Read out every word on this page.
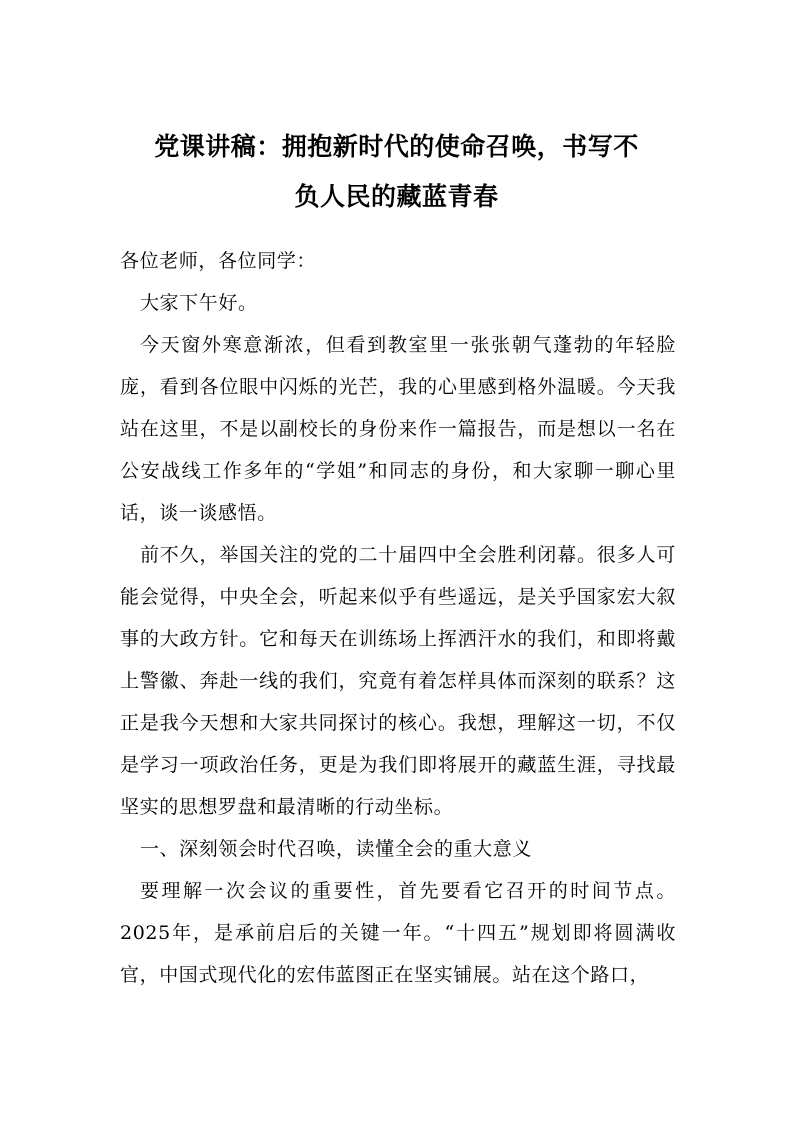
党课讲稿：拥抱新时代的使命召唤，书写不
负人民的藏蓝青春

各位老师，各位同学：

大家下午好。

今天窗外寒意渐浓，但看到教室里一张张朝气蓬勃的年轻脸庞，看到各位眼中闪烁的光芒，我的心里感到格外温暖。今天我站在这里，不是以副校长的身份来作一篇报告，而是想以一名在公安战线工作多年的“学姐”和同志的身份，和大家聊一聊心里话，谈一谈感悟。

前不久，举国关注的党的二十届四中全会胜利闭幕。很多人可能会觉得，中央全会，听起来似乎有些遥远，是关乎国家宏大叙事的大政方针。它和每天在训练场上挥洒汗水的我们，和即将戴上警徽、奔赴一线的我们，究竟有着怎样具体而深刻的联系？这正是我今天想和大家共同探讨的核心。我想，理解这一切，不仅是学习一项政治任务，更是为我们即将展开的藏蓝生涯，寻找最坚实的思想罗盘和最清晰的行动坐标。

一、深刻领会时代召唤，读懂全会的重大意义

要理解一次会议的重要性，首先要看它召开的时间节点。2025年，是承前启后的关键一年。“十四五”规划即将圆满收官，中国式现代化的宏伟蓝图正在坚实铺展。站在这个路口，
